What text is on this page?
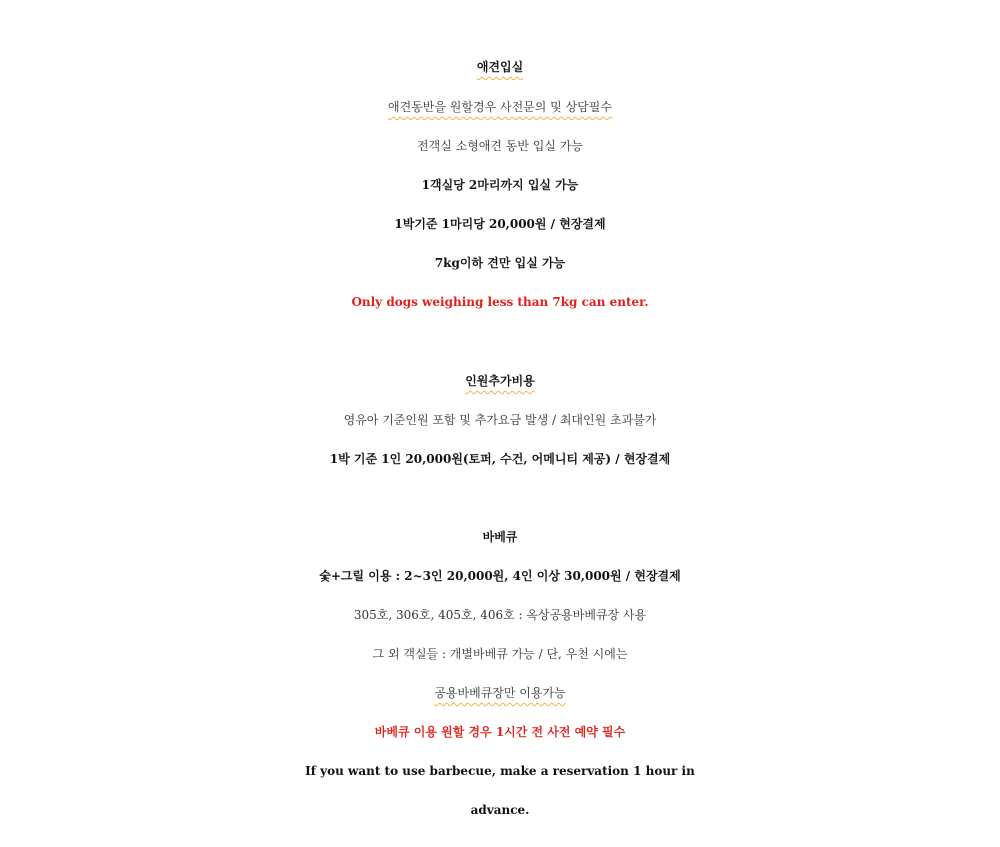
애견입실
애견동반을 원할경우 사전문의 및 상담필수
전객실 소형애견 동반 입실 가능
1객실당 2마리까지 입실 가능
1박기준 1마리당 20,000원 / 현장결제
7kg이하 견만 입실 가능
Only dogs weighing less than 7kg can enter.
인원추가비용
영유아 기준인원 포함 및 추가요금 발생 / 최대인원 초과불가
1박 기준 1인 20,000원(토퍼, 수건, 어메니티 제공) / 현장결제
바베큐
숯+그릴 이용 : 2~3인 20,000원, 4인 이상 30,000원 / 현장결제
305호, 306호, 405호, 406호 : 옥상공용바베큐장 사용
그 외 객실들 : 개별바베큐 가능 / 단, 우천 시에는
공용바베큐장만 이용가능
바베큐 이용 원할 경우 1시간 전 사전 예약 필수
If you want to use barbecue, make a reservation 1 hour in
advance.
